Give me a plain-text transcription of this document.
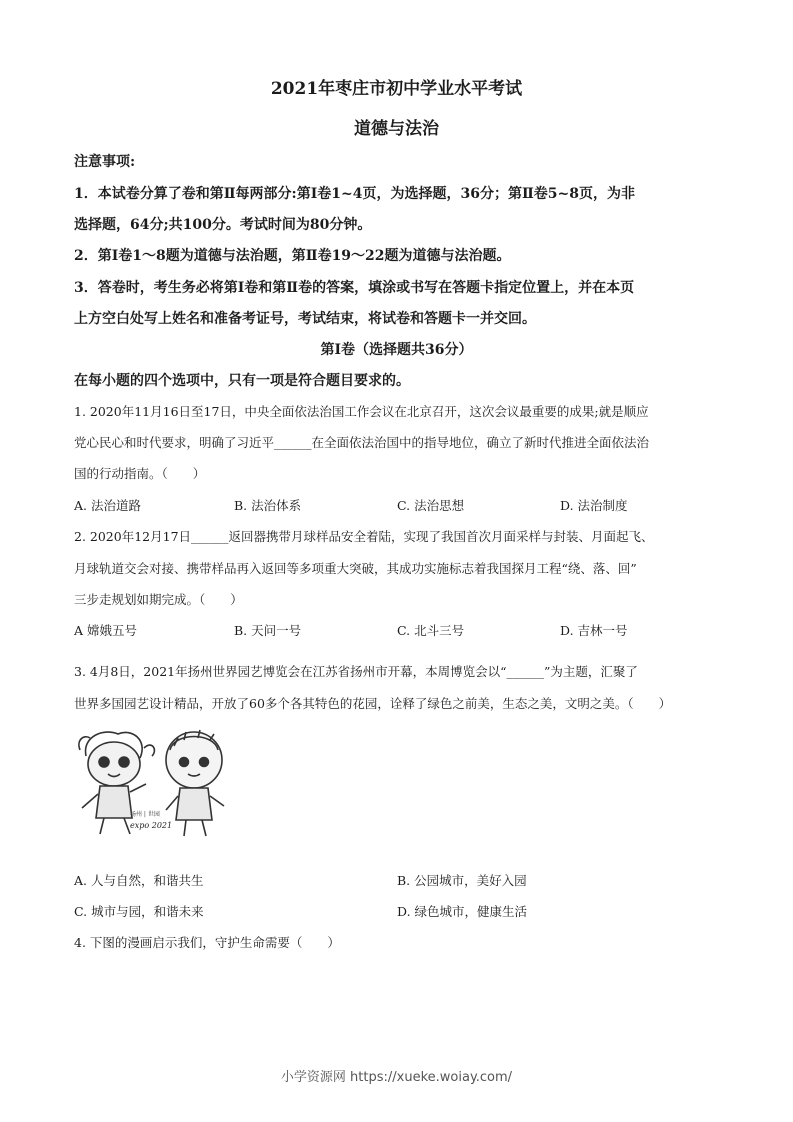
2021年枣庄市初中学业水平考试
道德与法治
注意事项:
1．本试卷分算了卷和第Ⅱ每两部分:第Ⅰ卷1~4页，为选择题，36分；第Ⅱ卷5~8页，为非
选择题，64分;共100分。考试时间为80分钟。
2．第Ⅰ卷1～8题为道德与法治题，第Ⅱ卷19～22题为道德与法治题。
3．答卷时，考生务必将第Ⅰ卷和第Ⅱ卷的答案，填涂或书写在答题卡指定位置上，并在本页
上方空白处写上姓名和准备考证号，考试结束，将试卷和答题卡一并交回。
第Ⅰ卷（选择题共36分）
在每小题的四个选项中，只有一项是符合题目要求的。
1. 2020年11月16日至17日，中央全面依法治国工作会议在北京召开，这次会议最重要的成果;就是顺应
党心民心和时代要求，明确了习近平______在全面依法治国中的指导地位，确立了新时代推进全面依法治
国的行动指南。（　　）
A. 法治道路	B. 法治体系	C. 法治思想	D. 法治制度
2. 2020年12月17日______返回器携带月球样品安全着陆，实现了我国首次月面采样与封装、月面起飞、
月球轨道交会对接、携带样品再入返回等多项重大突破，其成功实施标志着我国探月工程“绕、落、回”
三步走规划如期完成。（　　）
A 嫦娥五号	B. 天问一号	C. 北斗三号	D. 吉林一号
3. 4月8日，2021年扬州世界园艺博览会在江苏省扬州市开幕，本周博览会以“______”为主题，汇聚了
世界多国园艺设计精品，开放了60多个各其特色的花园，诠释了绿色之前美，生态之美，文明之美。（　　）
扬州 | 世园
expo 2021
A. 人与自然，和谐共生	B. 公园城市，美好入园
C. 城市与园，和谐未来	D. 绿色城市，健康生活
4. 下图的漫画启示我们，守护生命需要（　　）
小学资源网 https://xueke.woiay.com/
